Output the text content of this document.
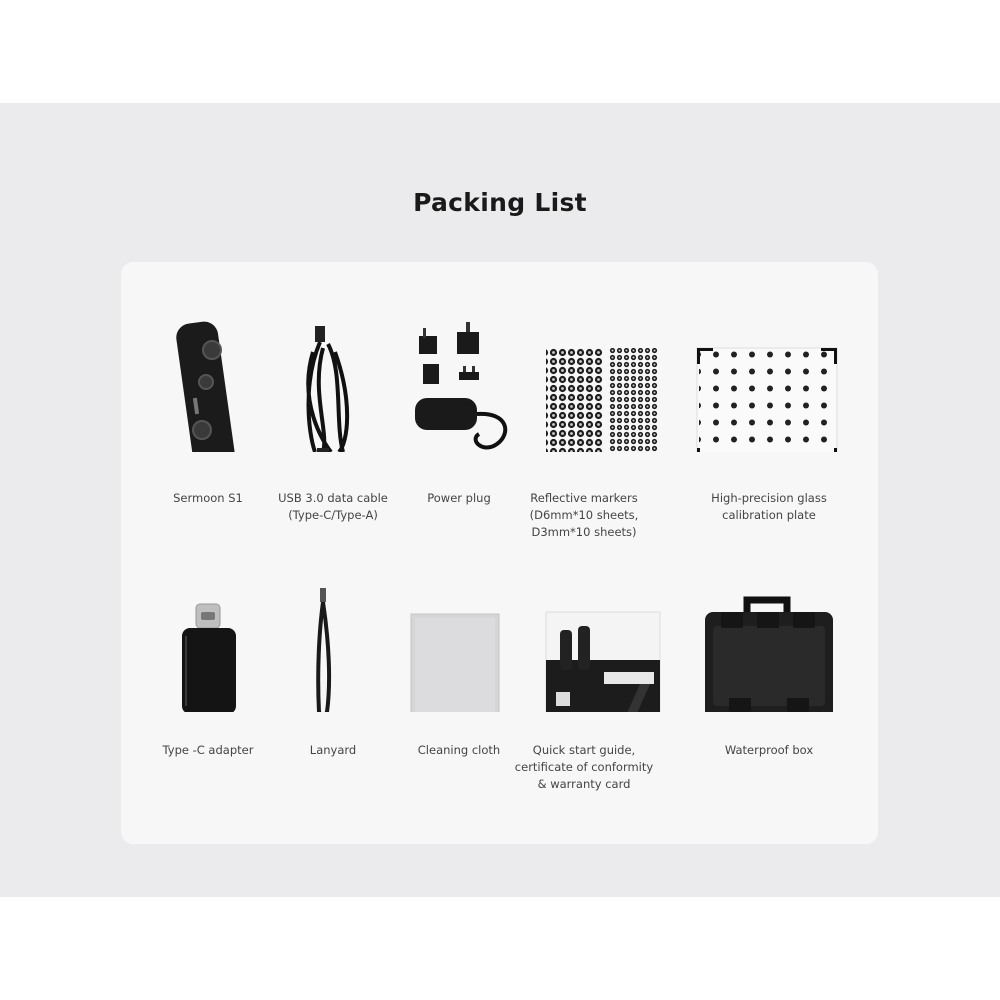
Packing List
Sermoon S1	USB 3.0 data cable
(Type-C/Type-A)
Power plug	Reflective markers
(D6mm*10 sheets,
D3mm*10 sheets)
High-precision glass
calibration plate
Type -C adapter	Lanyard	Cleaning cloth	Quick start guide,
certificate of conformity
& warranty card
Waterproof box
